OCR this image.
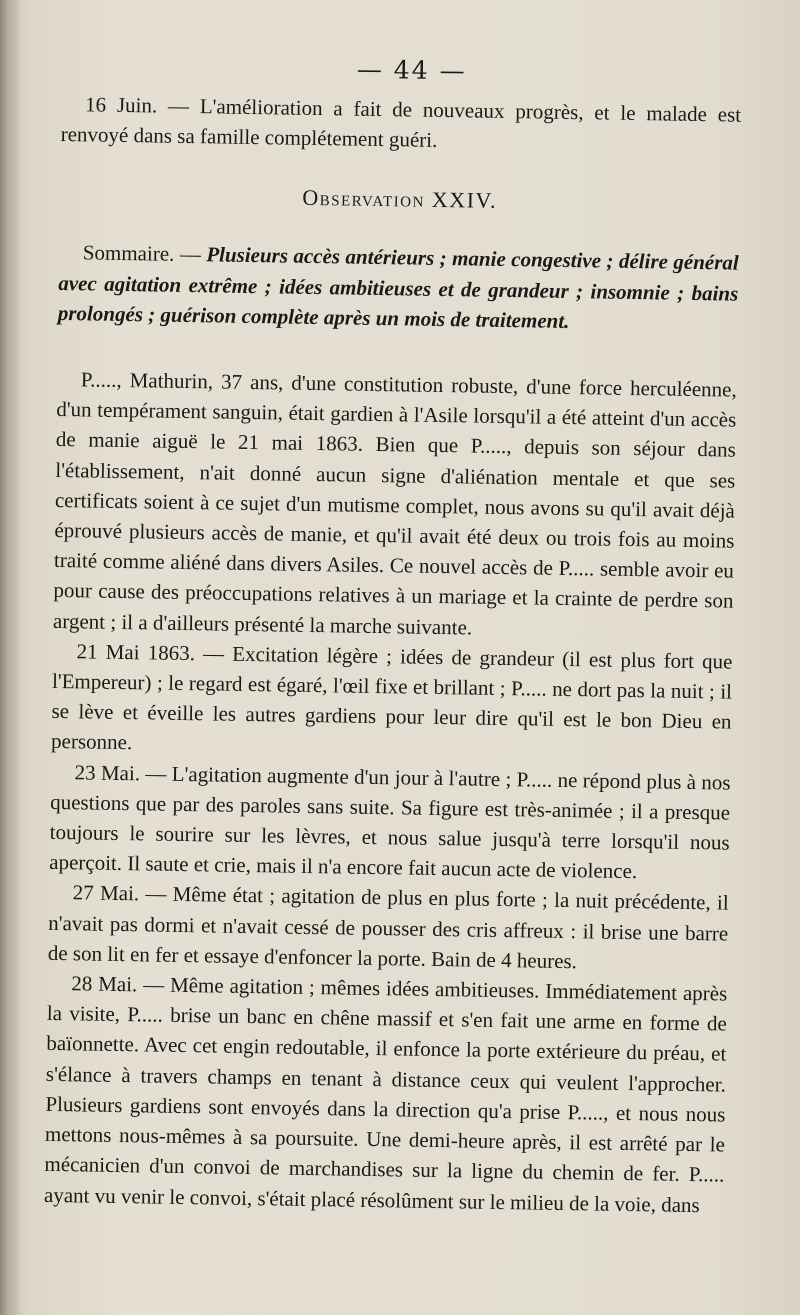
— 44 —

16 Juin. — L'amélioration a fait de nouveaux progrès, et le malade est renvoyé dans sa famille complétement guéri.

Observation XXIV.

Sommaire. — Plusieurs accès antérieurs ; manie congestive ; délire général avec agitation extrême ; idées ambitieuses et de grandeur ; insomnie ; bains prolongés ; guérison complète après un mois de traitement.

P....., Mathurin, 37 ans, d'une constitution robuste, d'une force herculéenne, d'un tempérament sanguin, était gardien à l'Asile lorsqu'il a été atteint d'un accès de manie aiguë le 21 mai 1863. Bien que P....., depuis son séjour dans l'établissement, n'ait donné aucun signe d'aliénation mentale et que ses certificats soient à ce sujet d'un mutisme complet, nous avons su qu'il avait déjà éprouvé plusieurs accès de manie, et qu'il avait été deux ou trois fois au moins traité comme aliéné dans divers Asiles. Ce nouvel accès de P..... semble avoir eu pour cause des préoccupations relatives à un mariage et la crainte de perdre son argent ; il a d'ailleurs présenté la marche suivante.

21 Mai 1863. — Excitation légère ; idées de grandeur (il est plus fort que l'Empereur) ; le regard est égaré, l'œil fixe et brillant ; P..... ne dort pas la nuit ; il se lève et éveille les autres gardiens pour leur dire qu'il est le bon Dieu en personne.

23 Mai. — L'agitation augmente d'un jour à l'autre ; P..... ne répond plus à nos questions que par des paroles sans suite. Sa figure est très-animée ; il a presque toujours le sourire sur les lèvres, et nous salue jusqu'à terre lorsqu'il nous aperçoit. Il saute et crie, mais il n'a encore fait aucun acte de violence.

27 Mai. — Même état ; agitation de plus en plus forte ; la nuit précédente, il n'avait pas dormi et n'avait cessé de pousser des cris affreux : il brise une barre de son lit en fer et essaye d'enfoncer la porte. Bain de 4 heures.

28 Mai. — Même agitation ; mêmes idées ambitieuses. Immédiatement après la visite, P..... brise un banc en chêne massif et s'en fait une arme en forme de baïonnette. Avec cet engin redoutable, il enfonce la porte extérieure du préau, et s'élance à travers champs en tenant à distance ceux qui veulent l'approcher. Plusieurs gardiens sont envoyés dans la direction qu'a prise P....., et nous nous mettons nous-mêmes à sa poursuite. Une demi-heure après, il est arrêté par le mécanicien d'un convoi de marchandises sur la ligne du chemin de fer. P..... ayant vu venir le convoi, s'était placé résolûment sur le milieu de la voie, dans
